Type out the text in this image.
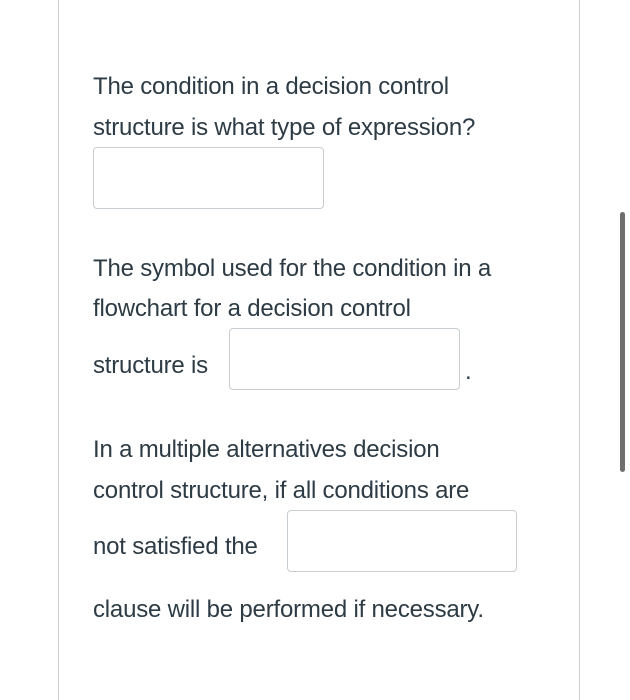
The condition in a decision control
structure is what type of expression?
The symbol used for the condition in a
flowchart for a decision control
structure is	.
In a multiple alternatives decision
control structure, if all conditions are
not satisfied the
clause will be performed if necessary.
